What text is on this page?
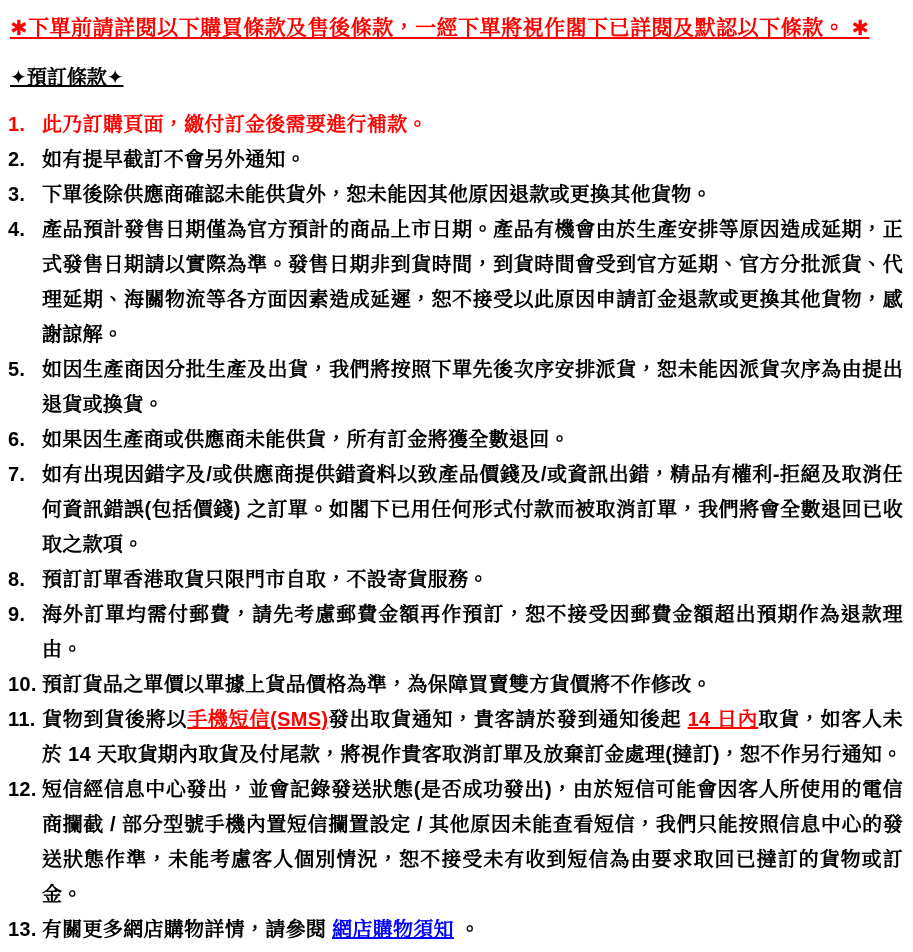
✱下單前請詳閱以下購買條款及售後條款，一經下單將視作閣下已詳閱及默認以下條款。 ✱

✦預訂條款✦

1. 此乃訂購頁面，繳付訂金後需要進行補款。
2. 如有提早截訂不會另外通知。
3. 下單後除供應商確認未能供貨外，恕未能因其他原因退款或更換其他貨物。
4. 產品預計發售日期僅為官方預計的商品上市日期。產品有機會由於生產安排等原因造成延期，正式發售日期請以實際為準。發售日期非到貨時間，到貨時間會受到官方延期、官方分批派貨、代理延期、海關物流等各方面因素造成延遲，恕不接受以此原因申請訂金退款或更換其他貨物，感謝諒解。
5. 如因生產商因分批生產及出貨，我們將按照下單先後次序安排派貨，恕未能因派貨次序為由提出退貨或換貨。
6. 如果因生產商或供應商未能供貨，所有訂金將獲全數退回。
7. 如有出現因錯字及/或供應商提供錯資料以致產品價錢及/或資訊出錯，精品有權利-拒絕及取消任何資訊錯誤(包括價錢) 之訂單。如閣下已用任何形式付款而被取消訂單，我們將會全數退回已收取之款項。
8. 預訂訂單香港取貨只限門市自取，不設寄貨服務。
9. 海外訂單均需付郵費，請先考慮郵費金額再作預訂，恕不接受因郵費金額超出預期作為退款理由。
10. 預訂貨品之單價以單據上貨品價格為準，為保障買賣雙方貨價將不作修改。
11. 貨物到貨後將以手機短信(SMS)發出取貨通知，貴客請於發到通知後起 14 日內取貨，如客人未於 14 天取貨期內取貨及付尾款，將視作貴客取消訂單及放棄訂金處理(撻訂)，恕不作另行通知。
12. 短信經信息中心發出，並會記錄發送狀態(是否成功發出)，由於短信可能會因客人所使用的電信商攔截 / 部分型號手機內置短信攔置設定 / 其他原因未能查看短信，我們只能按照信息中心的發送狀態作準，未能考慮客人個別情況，恕不接受未有收到短信為由要求取回已撻訂的貨物或訂金。
13. 有關更多網店購物詳情，請參閱 網店購物須知 。
